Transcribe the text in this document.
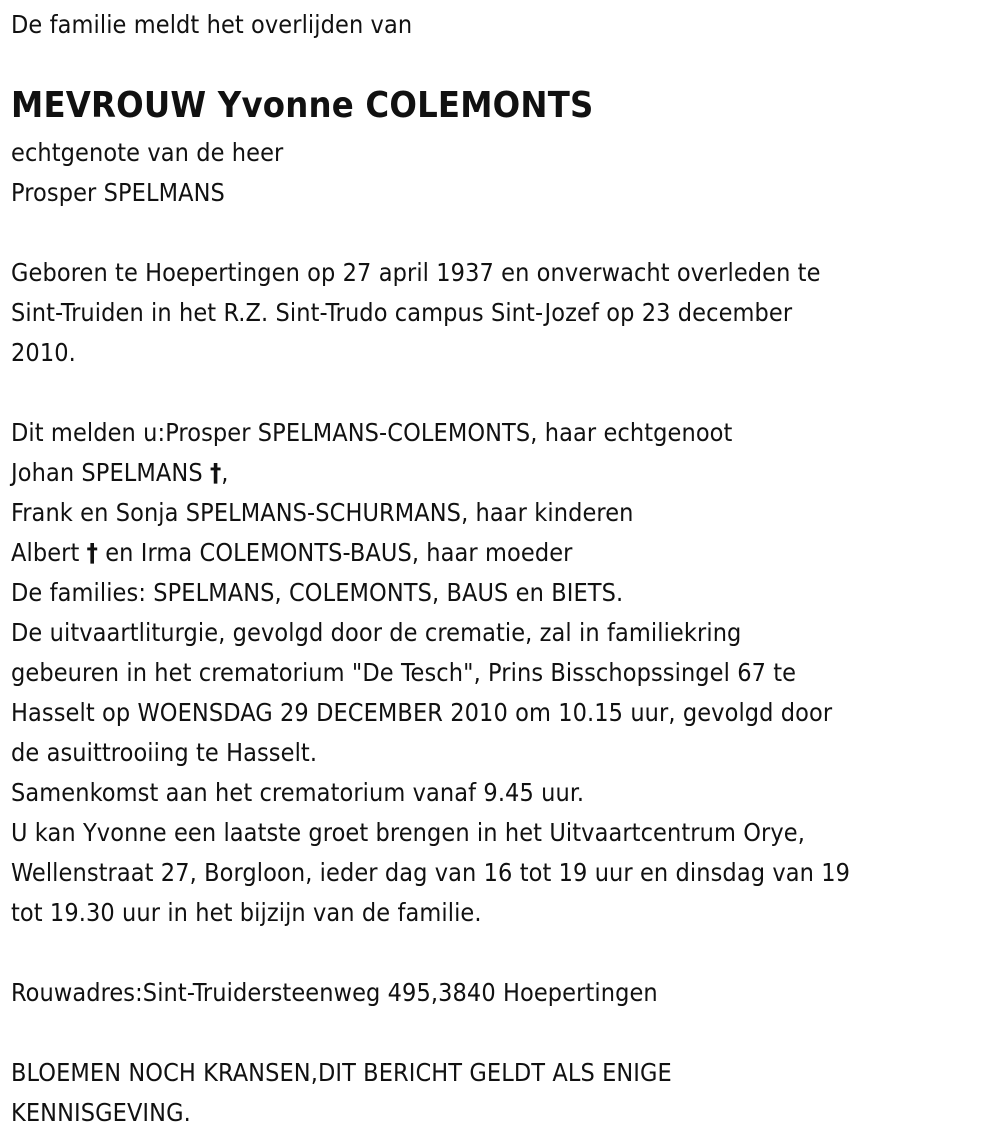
De familie meldt het overlijden van
MEVROUW Yvonne COLEMONTS
echtgenote van de heer
Prosper SPELMANS
Geboren te Hoepertingen op 27 april 1937 en onverwacht overleden te
Sint-Truiden in het R.Z. Sint-Trudo campus Sint-Jozef op 23 december
2010.
Dit melden u:Prosper SPELMANS-COLEMONTS, haar echtgenoot
Johan SPELMANS †,
Frank en Sonja SPELMANS-SCHURMANS, haar kinderen
Albert † en Irma COLEMONTS-BAUS, haar moeder
De families: SPELMANS, COLEMONTS, BAUS en BIETS.
De uitvaartliturgie, gevolgd door de crematie, zal in familiekring
gebeuren in het crematorium "De Tesch", Prins Bisschopssingel 67 te
Hasselt op WOENSDAG 29 DECEMBER 2010 om 10.15 uur, gevolgd door
de asuittrooiing te Hasselt.
Samenkomst aan het crematorium vanaf 9.45 uur.
U kan Yvonne een laatste groet brengen in het Uitvaartcentrum Orye,
Wellenstraat 27, Borgloon, ieder dag van 16 tot 19 uur en dinsdag van 19
tot 19.30 uur in het bijzijn van de familie.
Rouwadres:Sint-Truidersteenweg 495,3840 Hoepertingen
BLOEMEN NOCH KRANSEN,DIT BERICHT GELDT ALS ENIGE
KENNISGEVING.
